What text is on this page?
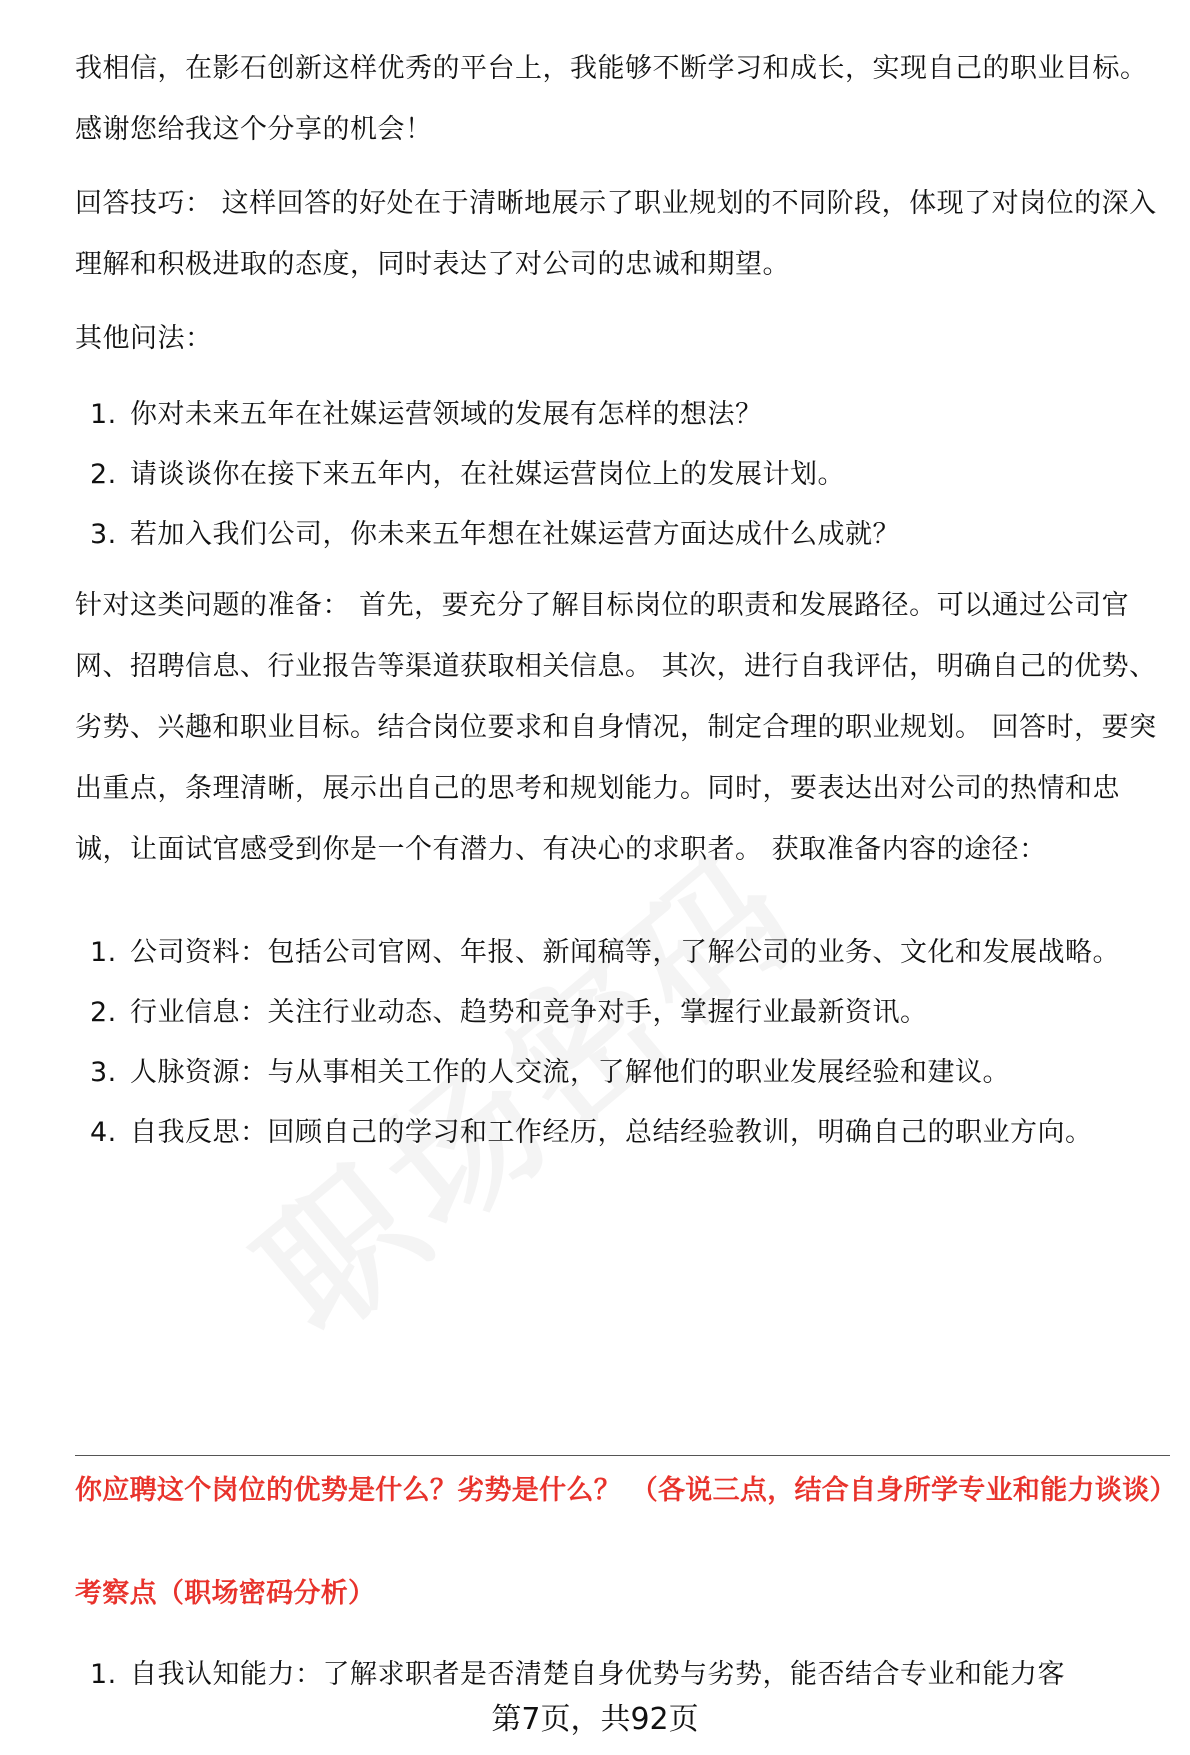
我相信，在影石创新这样优秀的平台上，我能够不断学习和成长，实现自己的职业目标。感谢您给我这个分享的机会！

回答技巧： 这样回答的好处在于清晰地展示了职业规划的不同阶段，体现了对岗位的深入理解和积极进取的态度，同时表达了对公司的忠诚和期望。

其他问法：

1. 你对未来五年在社媒运营领域的发展有怎样的想法？
2. 请谈谈你在接下来五年内，在社媒运营岗位上的发展计划。
3. 若加入我们公司，你未来五年想在社媒运营方面达成什么成就？

针对这类问题的准备： 首先，要充分了解目标岗位的职责和发展路径。可以通过公司官网、招聘信息、行业报告等渠道获取相关信息。 其次，进行自我评估，明确自己的优势、劣势、兴趣和职业目标。结合岗位要求和自身情况，制定合理的职业规划。 回答时，要突出重点，条理清晰，展示出自己的思考和规划能力。同时，要表达出对公司的热情和忠诚，让面试官感受到你是一个有潜力、有决心的求职者。 获取准备内容的途径：

1. 公司资料：包括公司官网、年报、新闻稿等，了解公司的业务、文化和发展战略。
2. 行业信息：关注行业动态、趋势和竞争对手，掌握行业最新资讯。
3. 人脉资源：与从事相关工作的人交流，了解他们的职业发展经验和建议。
4. 自我反思：回顾自己的学习和工作经历，总结经验教训，明确自己的职业方向。

你应聘这个岗位的优势是什么？劣势是什么？ （各说三点，结合自身所学专业和能力谈谈）

考察点（职场密码分析）

1. 自我认知能力：了解求职者是否清楚自身优势与劣势，能否结合专业和能力客
第7页，共92页
